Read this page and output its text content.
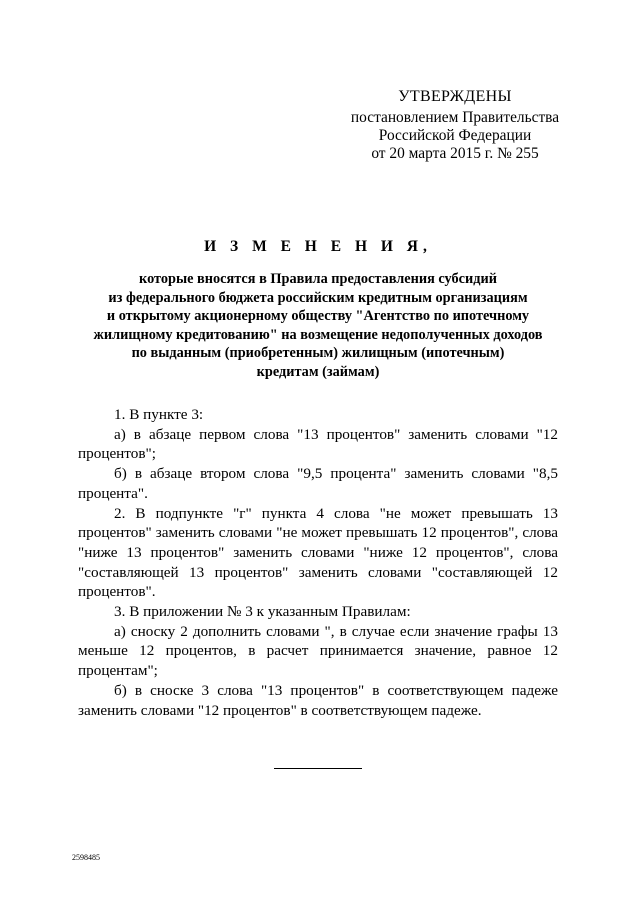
УТВЕРЖДЕНЫ
постановлением Правительства
Российской Федерации
от 20 марта 2015 г. № 255
И З М Е Н Е Н И Я,
которые вносятся в Правила предоставления субсидий
из федерального бюджета российским кредитным организациям
и открытому акционерному обществу "Агентство по ипотечному
жилищному кредитованию" на возмещение недополученных доходов
по выданным (приобретенным) жилищным (ипотечным)
кредитам (займам)

1. В пункте 3:

а) в абзаце первом слова "13 процентов" заменить словами "12 процентов";

б) в абзаце втором слова "9,5 процента" заменить словами "8,5 процента".

2. В подпункте "г" пункта 4 слова "не может превышать 13 процентов" заменить словами "не может превышать 12 процентов", слова "ниже 13 процентов" заменить словами "ниже 12 процентов", слова "составляющей 13 процентов" заменить словами "составляющей 12 процентов".

3. В приложении № 3 к указанным Правилам:

а) сноску 2 дополнить словами ", в случае если значение графы 13 меньше 12 процентов, в расчет принимается значение, равное 12 процентам";

б) в сноске 3 слова "13 процентов" в соответствующем падеже заменить словами "12 процентов" в соответствующем падеже.

2598485
